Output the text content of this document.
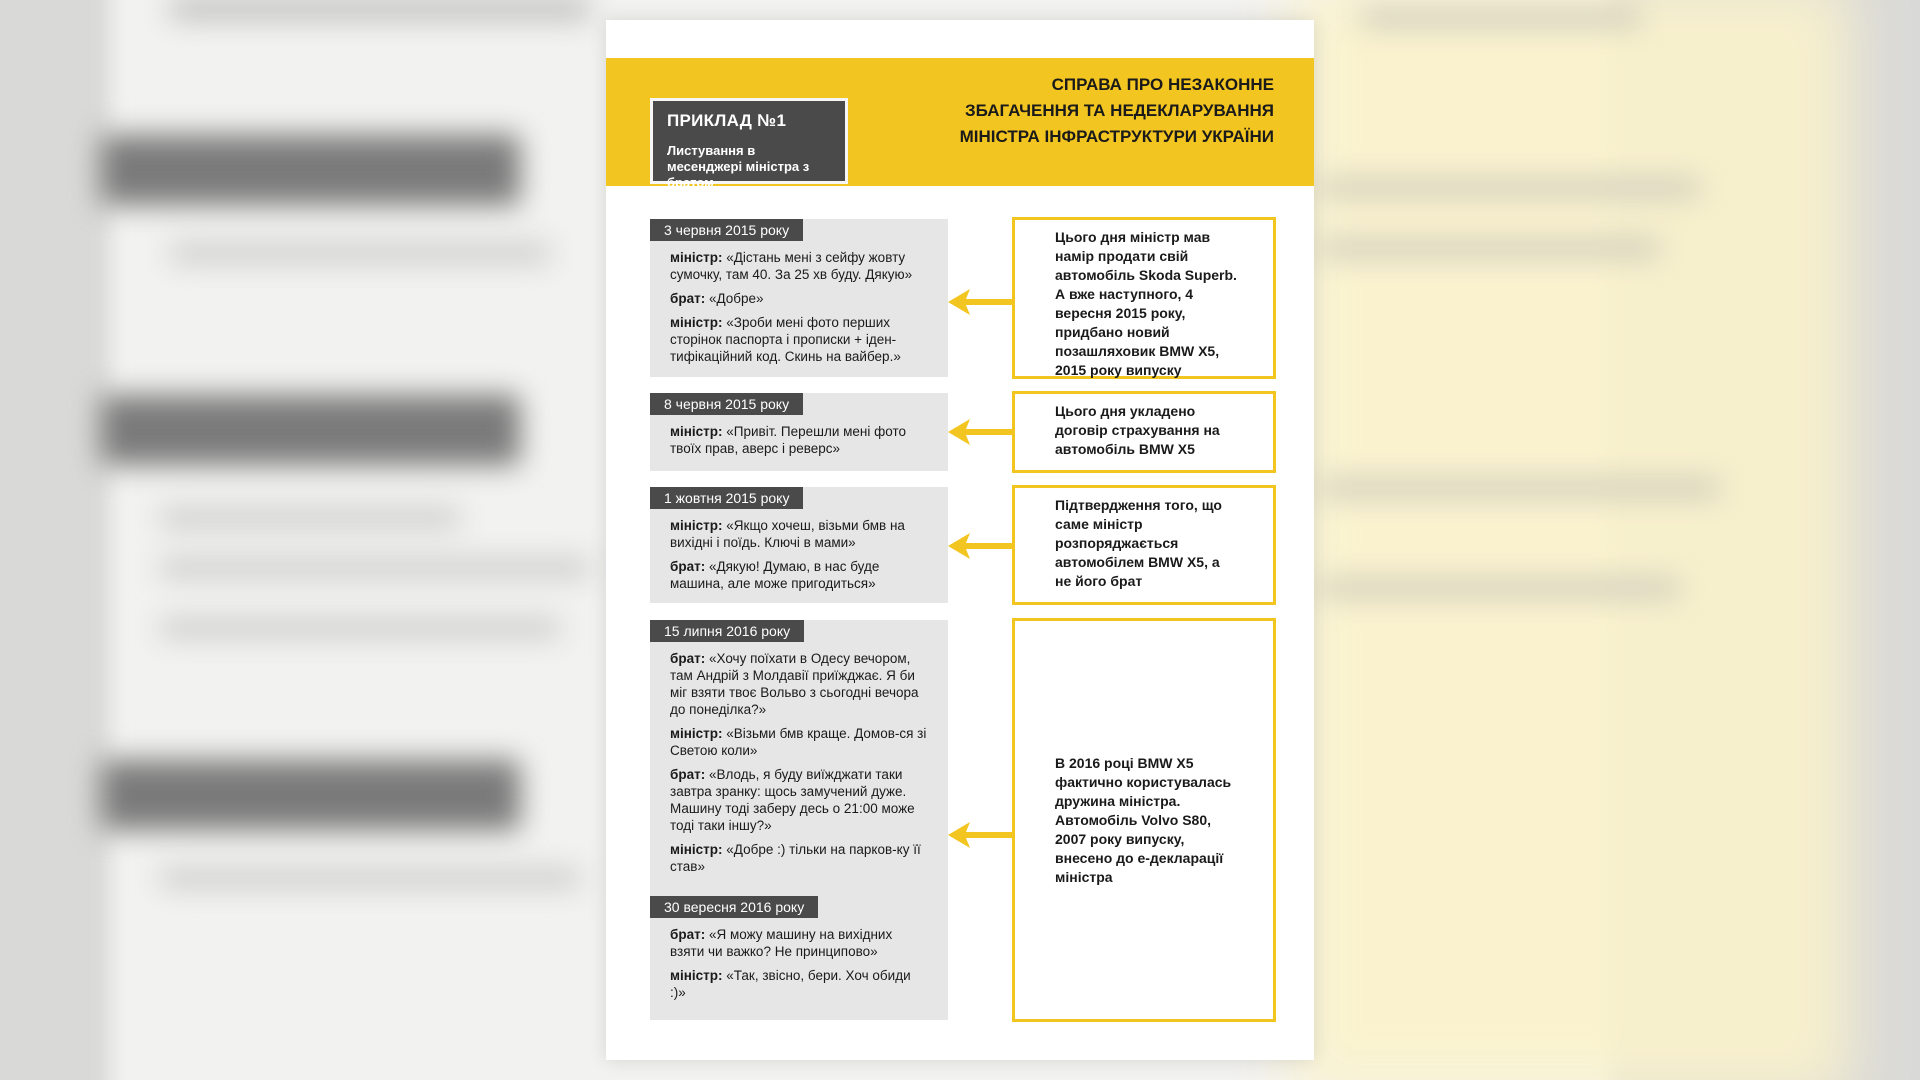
ПРИКЛАД №1
Листування в месенджері міністра з братом
СПРАВА ПРО НЕЗАКОННЕ
ЗБАГАЧЕННЯ ТА НЕДЕКЛАРУВАННЯ
МІНІСТРА ІНФРАСТРУКТУРИ УКРАЇНИ
3 червня 2015 року
міністр: «Дістань мені з сейфу жовту сумочку, там 40. За 25 хв буду. Дякую»
брат: «Добре»
міністр: «Зроби мені фото перших сторінок паспорта і прописки + іден-тифікаційний код. Скинь на вайбер.»
Цього дня міністр мав намір продати свій автомобіль Skoda Superb. А вже наступного, 4 вересня 2015 року, придбано новий позашляховик BMW X5, 2015 року випуску
8 червня 2015 року
міністр: «Привіт. Перешли мені фото твоїх прав, аверс і реверс»
Цього дня укладено договір страхування на автомобіль BMW X5
1 жовтня 2015 року
міністр: «Якщо хочеш, візьми бмв на вихідні і поїдь. Ключі в мами»
брат: «Дякую! Думаю, в нас буде машина, але може пригодиться»
Підтвердження того, що саме міністр розпоряджається автомобілем BMW X5, а не його брат
15 липня 2016 року
брат: «Хочу поїхати в Одесу вечором, там Андрій з Молдавії приїжджає. Я би міг взяти твоє Вольво з сьогодні вечора до понеділка?»
міністр: «Візьми бмв краще. Домов-ся зі Светою коли»
брат: «Влодь, я буду виїжджати таки завтра зранку: щось замучений дуже. Машину тоді заберу десь о 21:00 може тоді таки іншу?»
міністр: «Добре :) тільки на парков-ку її став»
30 вересня 2016 року
брат: «Я можу машину на вихідних взяти чи важко? Не принципово»
міністр: «Так, звісно, бери. Хоч обиди :)»
В 2016 році BMW X5 фактично користувалась дружина міністра. Автомобіль Volvo S80, 2007 року випуску, внесено до е-декларації міністра
